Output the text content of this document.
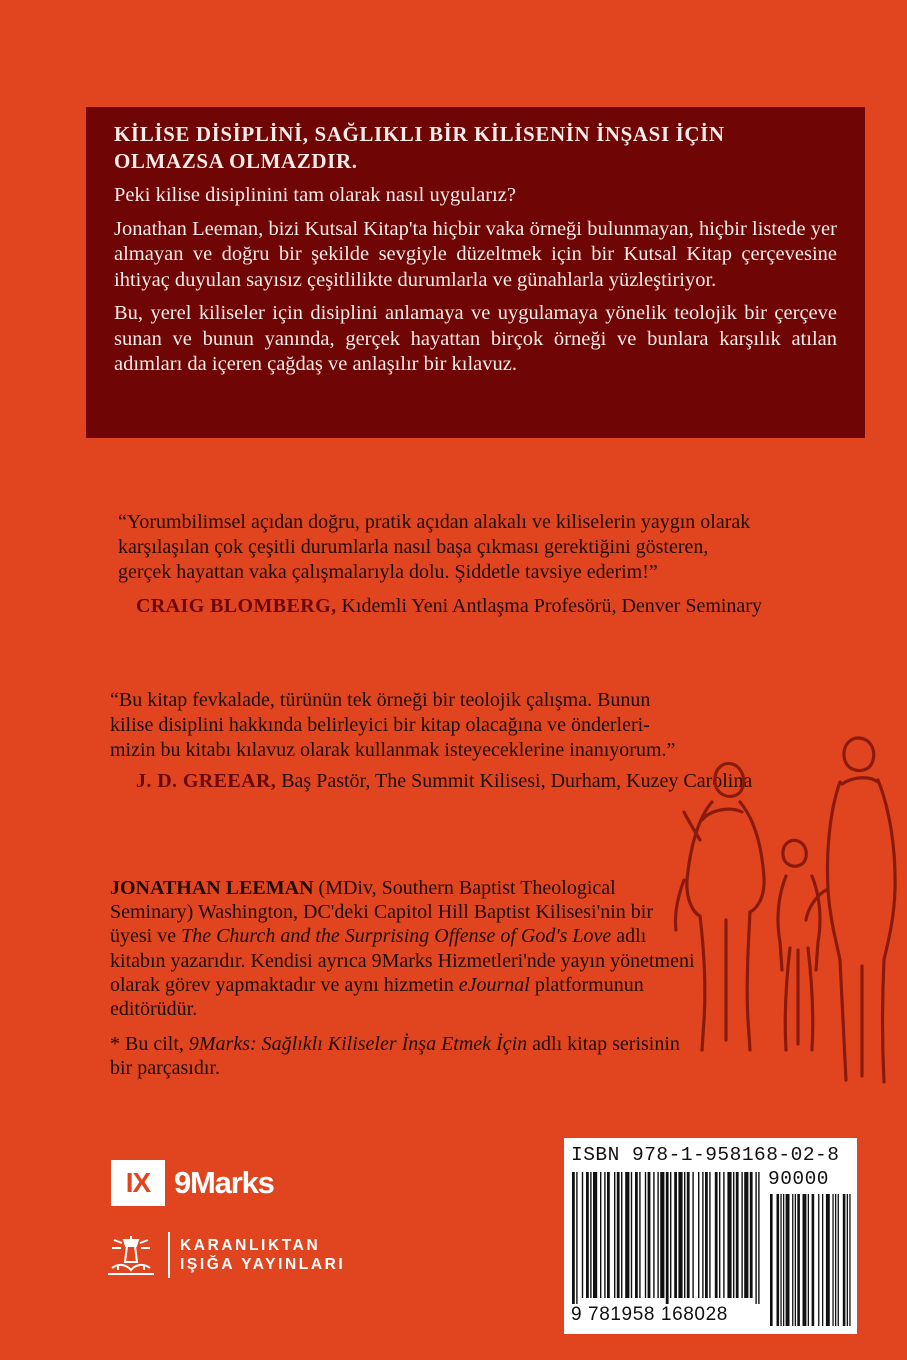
KİLİSE DİSİPLİNİ, SAĞLIKLI BİR KİLİSENİN İNŞASI İÇİN OLMAZSA OLMAZDIR.

Peki kilise disiplinini tam olarak nasıl uygularız?

Jonathan Leeman, bizi Kutsal Kitap'ta hiçbir vaka örneği bulunmayan, hiçbir listede yer almayan ve doğru bir şekilde sevgiyle düzeltmek için bir Kutsal Kitap çerçevesine ihtiyaç duyulan sayısız çeşitlilikte durumlarla ve günahlarla yüzleştiriyor.

Bu, yerel kiliseler için disiplini anlamaya ve uygulamaya yönelik teolojik bir çerçeve sunan ve bunun yanında, gerçek hayattan birçok örneği ve bunlara karşılık atılan adımları da içeren çağdaş ve anlaşılır bir kılavuz.

“Yorumbilimsel açıdan doğru, pratik açıdan alakalı ve kiliselerin yaygın olarak
karşılaşılan çok çeşitli durumlarla nasıl başa çıkması gerektiğini gösteren,
gerçek hayattan vaka çalışmalarıyla dolu. Şiddetle tavsiye ederim!”

CRAIG BLOMBERG, Kıdemli Yeni Antlaşma Profesörü, Denver Seminary

“Bu kitap fevkalade, türünün tek örneği bir teolojik çalışma. Bunun
kilise disiplini hakkında belirleyici bir kitap olacağına ve önderleri-
mizin bu kitabı kılavuz olarak kullanmak isteyeceklerine inanıyorum.”

J. D. GREEAR, Baş Pastör, The Summit Kilisesi, Durham, Kuzey Carolina

JONATHAN LEEMAN (MDiv, Southern Baptist Theological Seminary) Washington, DC'deki Capitol Hill Baptist Kilisesi'nin bir üyesi ve The Church and the Surprising Offense of God's Love adlı kitabın yazarıdır. Kendisi ayrıca 9Marks Hizmetleri'nde yayın yönetmeni olarak görev yapmaktadır ve aynı hizmetin eJournal platformunun editörüdür.

* Bu cilt, 9Marks: Sağlıklı Kiliseler İnşa Etmek İçin adlı kitap serisinin bir parçasıdır.

IX 9Marks
KARANLIKTAN
IŞIĞA YAYINLARI
ISBN 978-1-958168-02-8
90000
9 781958 168028
